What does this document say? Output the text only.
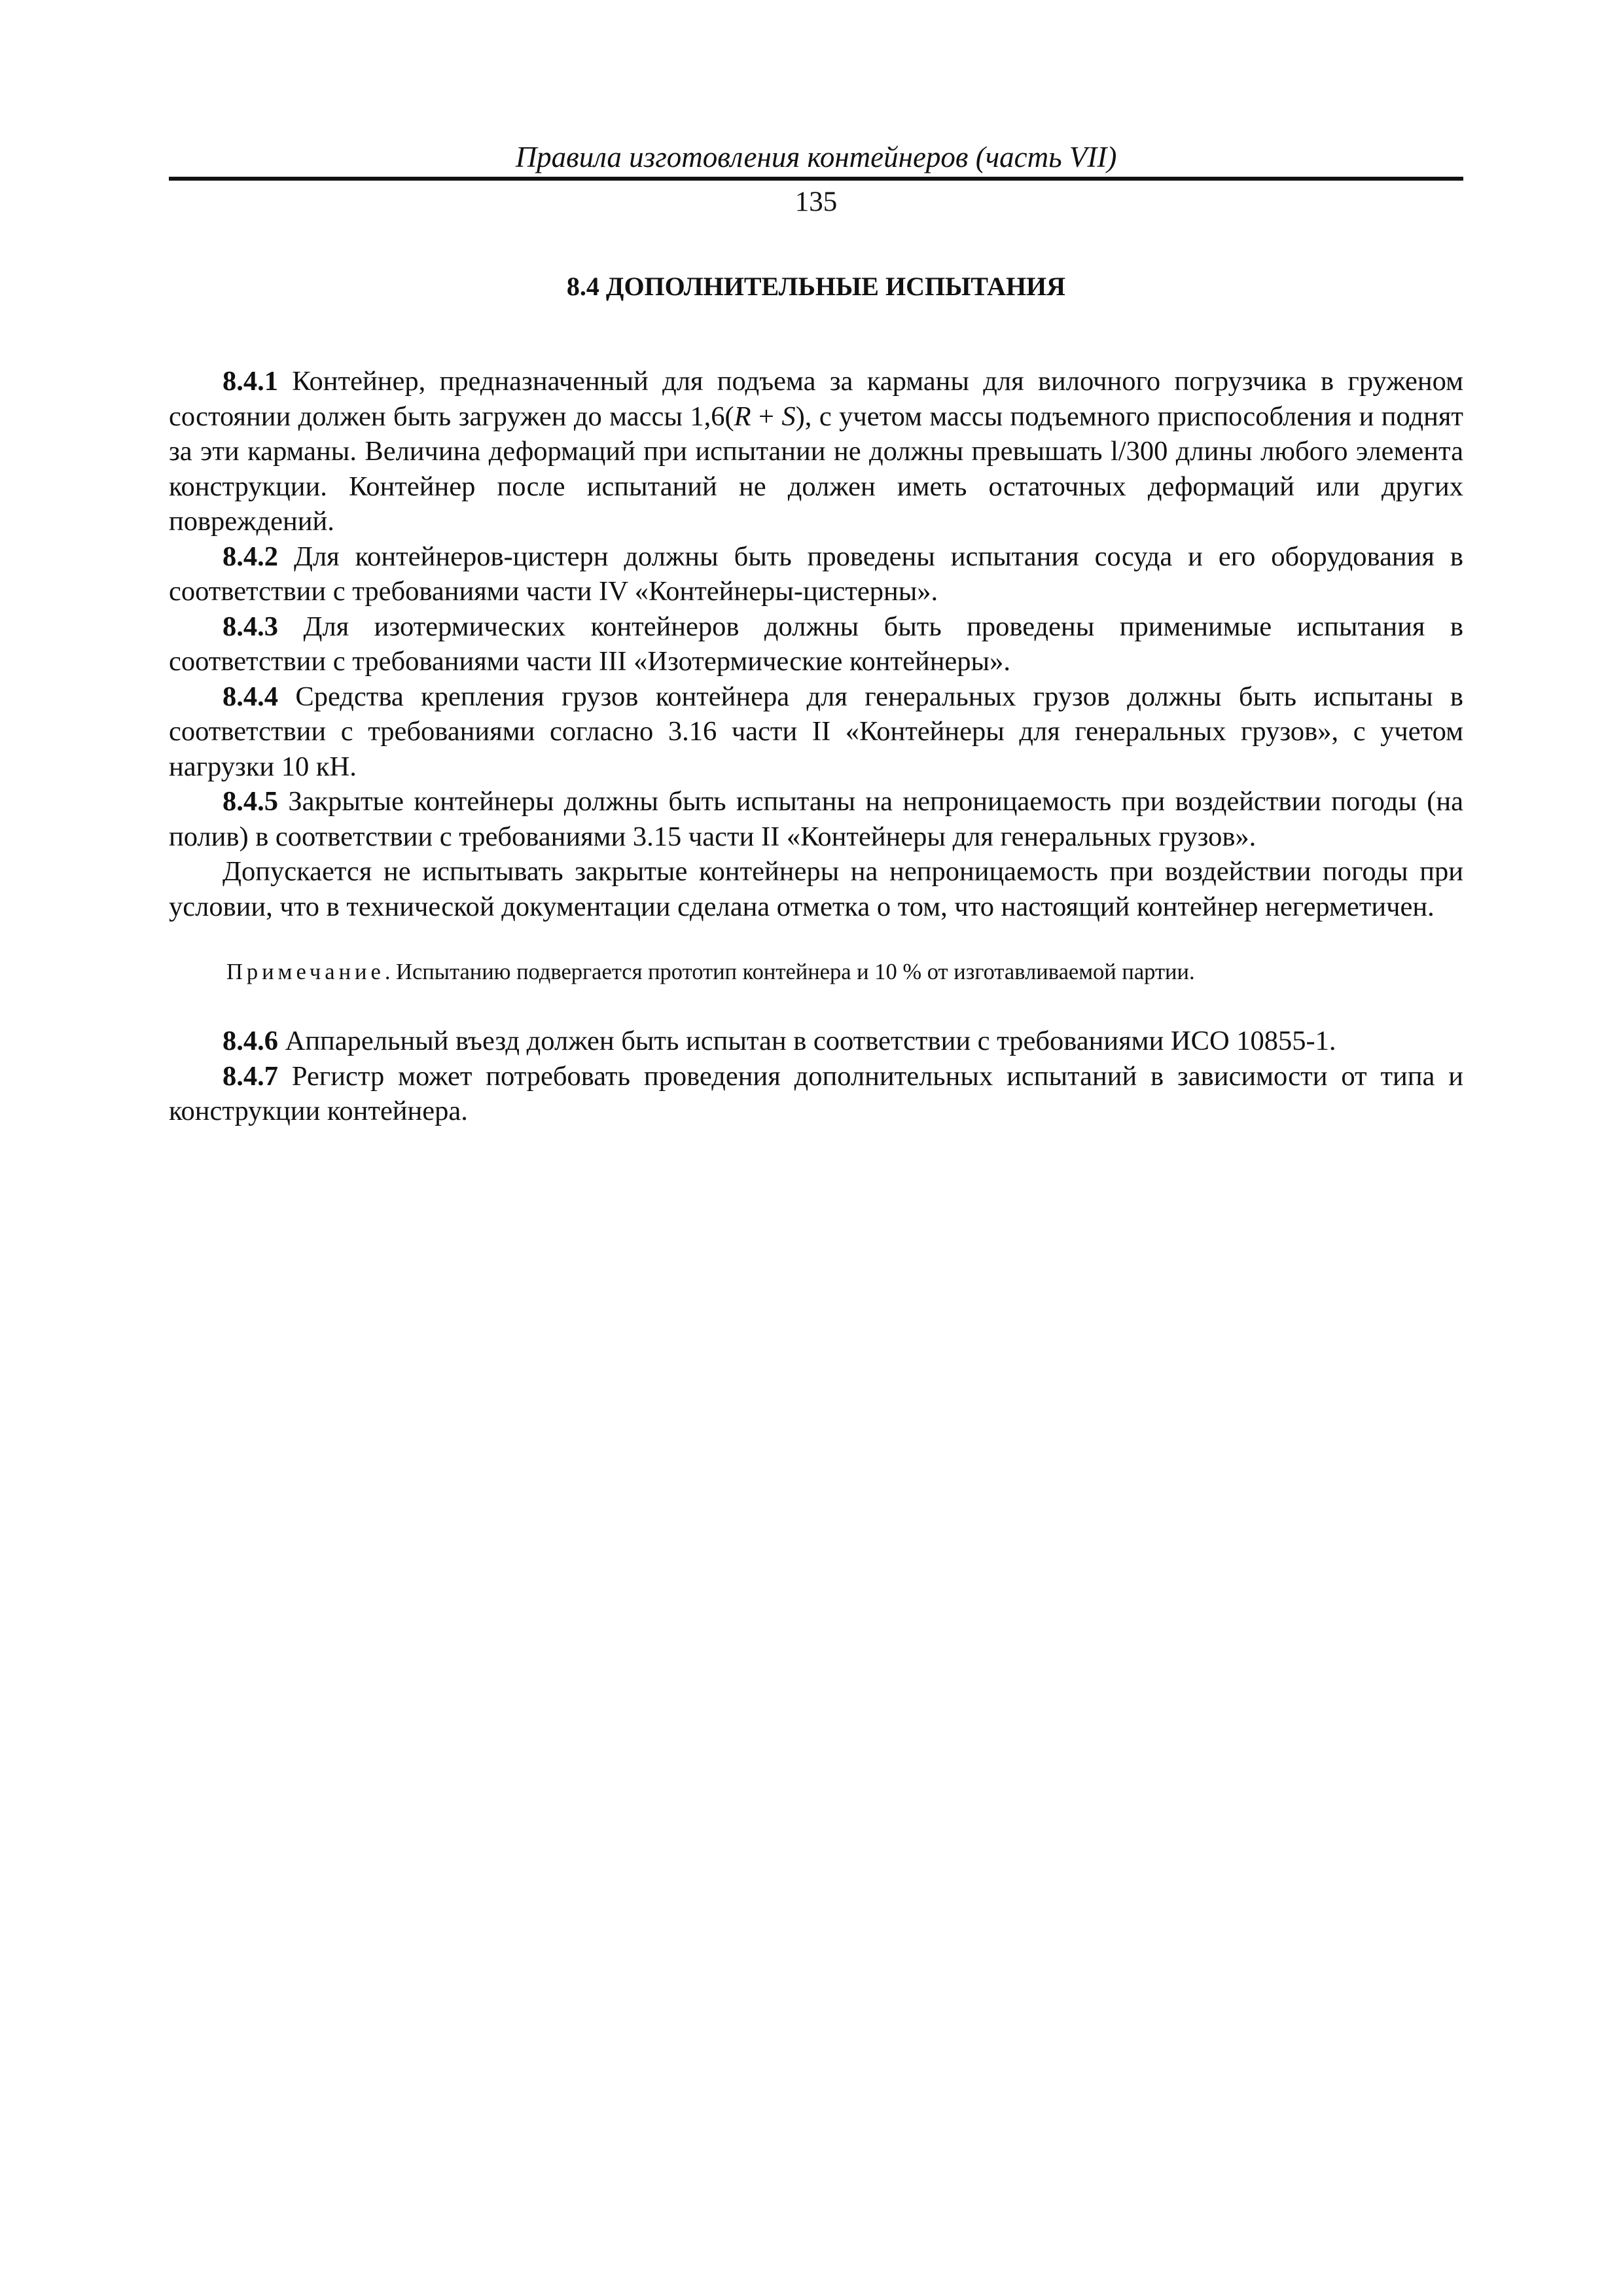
Правила изготовления контейнеров (часть VII)
135
8.4 ДОПОЛНИТЕЛЬНЫЕ ИСПЫТАНИЯ

8.4.1 Контейнер, предназначенный для подъема за карманы для вилочного погрузчика в груженом состоянии должен быть загружен до массы 1,6(R + S), с учетом массы подъемного приспособления и поднят за эти карманы. Величина деформаций при испытании не должны превышать l/300 длины любого элемента конструкции. Контейнер после испытаний не должен иметь остаточных деформаций или других повреждений.

8.4.2 Для контейнеров-цистерн должны быть проведены испытания сосуда и его оборудования в соответствии с требованиями части IV «Контейнеры-цистерны».

8.4.3 Для изотермических контейнеров должны быть проведены применимые испытания в соответствии с требованиями части III «Изотермические контейнеры».

8.4.4 Средства крепления грузов контейнера для генеральных грузов должны быть испытаны в соответствии с требованиями согласно 3.16 части II «Контейнеры для генеральных грузов», с учетом нагрузки 10 кН.

8.4.5 Закрытые контейнеры должны быть испытаны на непроницаемость при воздействии погоды (на полив) в соответствии с требованиями 3.15 части II «Контейнеры для генеральных грузов».

Допускается не испытывать закрытые контейнеры на непроницаемость при воздействии погоды при условии, что в технической документации сделана отметка о том, что настоящий контейнер негерметичен.

Примечание. Испытанию подвергается прототип контейнера и 10 % от изготавливаемой партии.

8.4.6 Аппарельный въезд должен быть испытан в соответствии с требованиями ИСО 10855-1.

8.4.7 Регистр может потребовать проведения дополнительных испытаний в зависимости от типа и конструкции контейнера.
